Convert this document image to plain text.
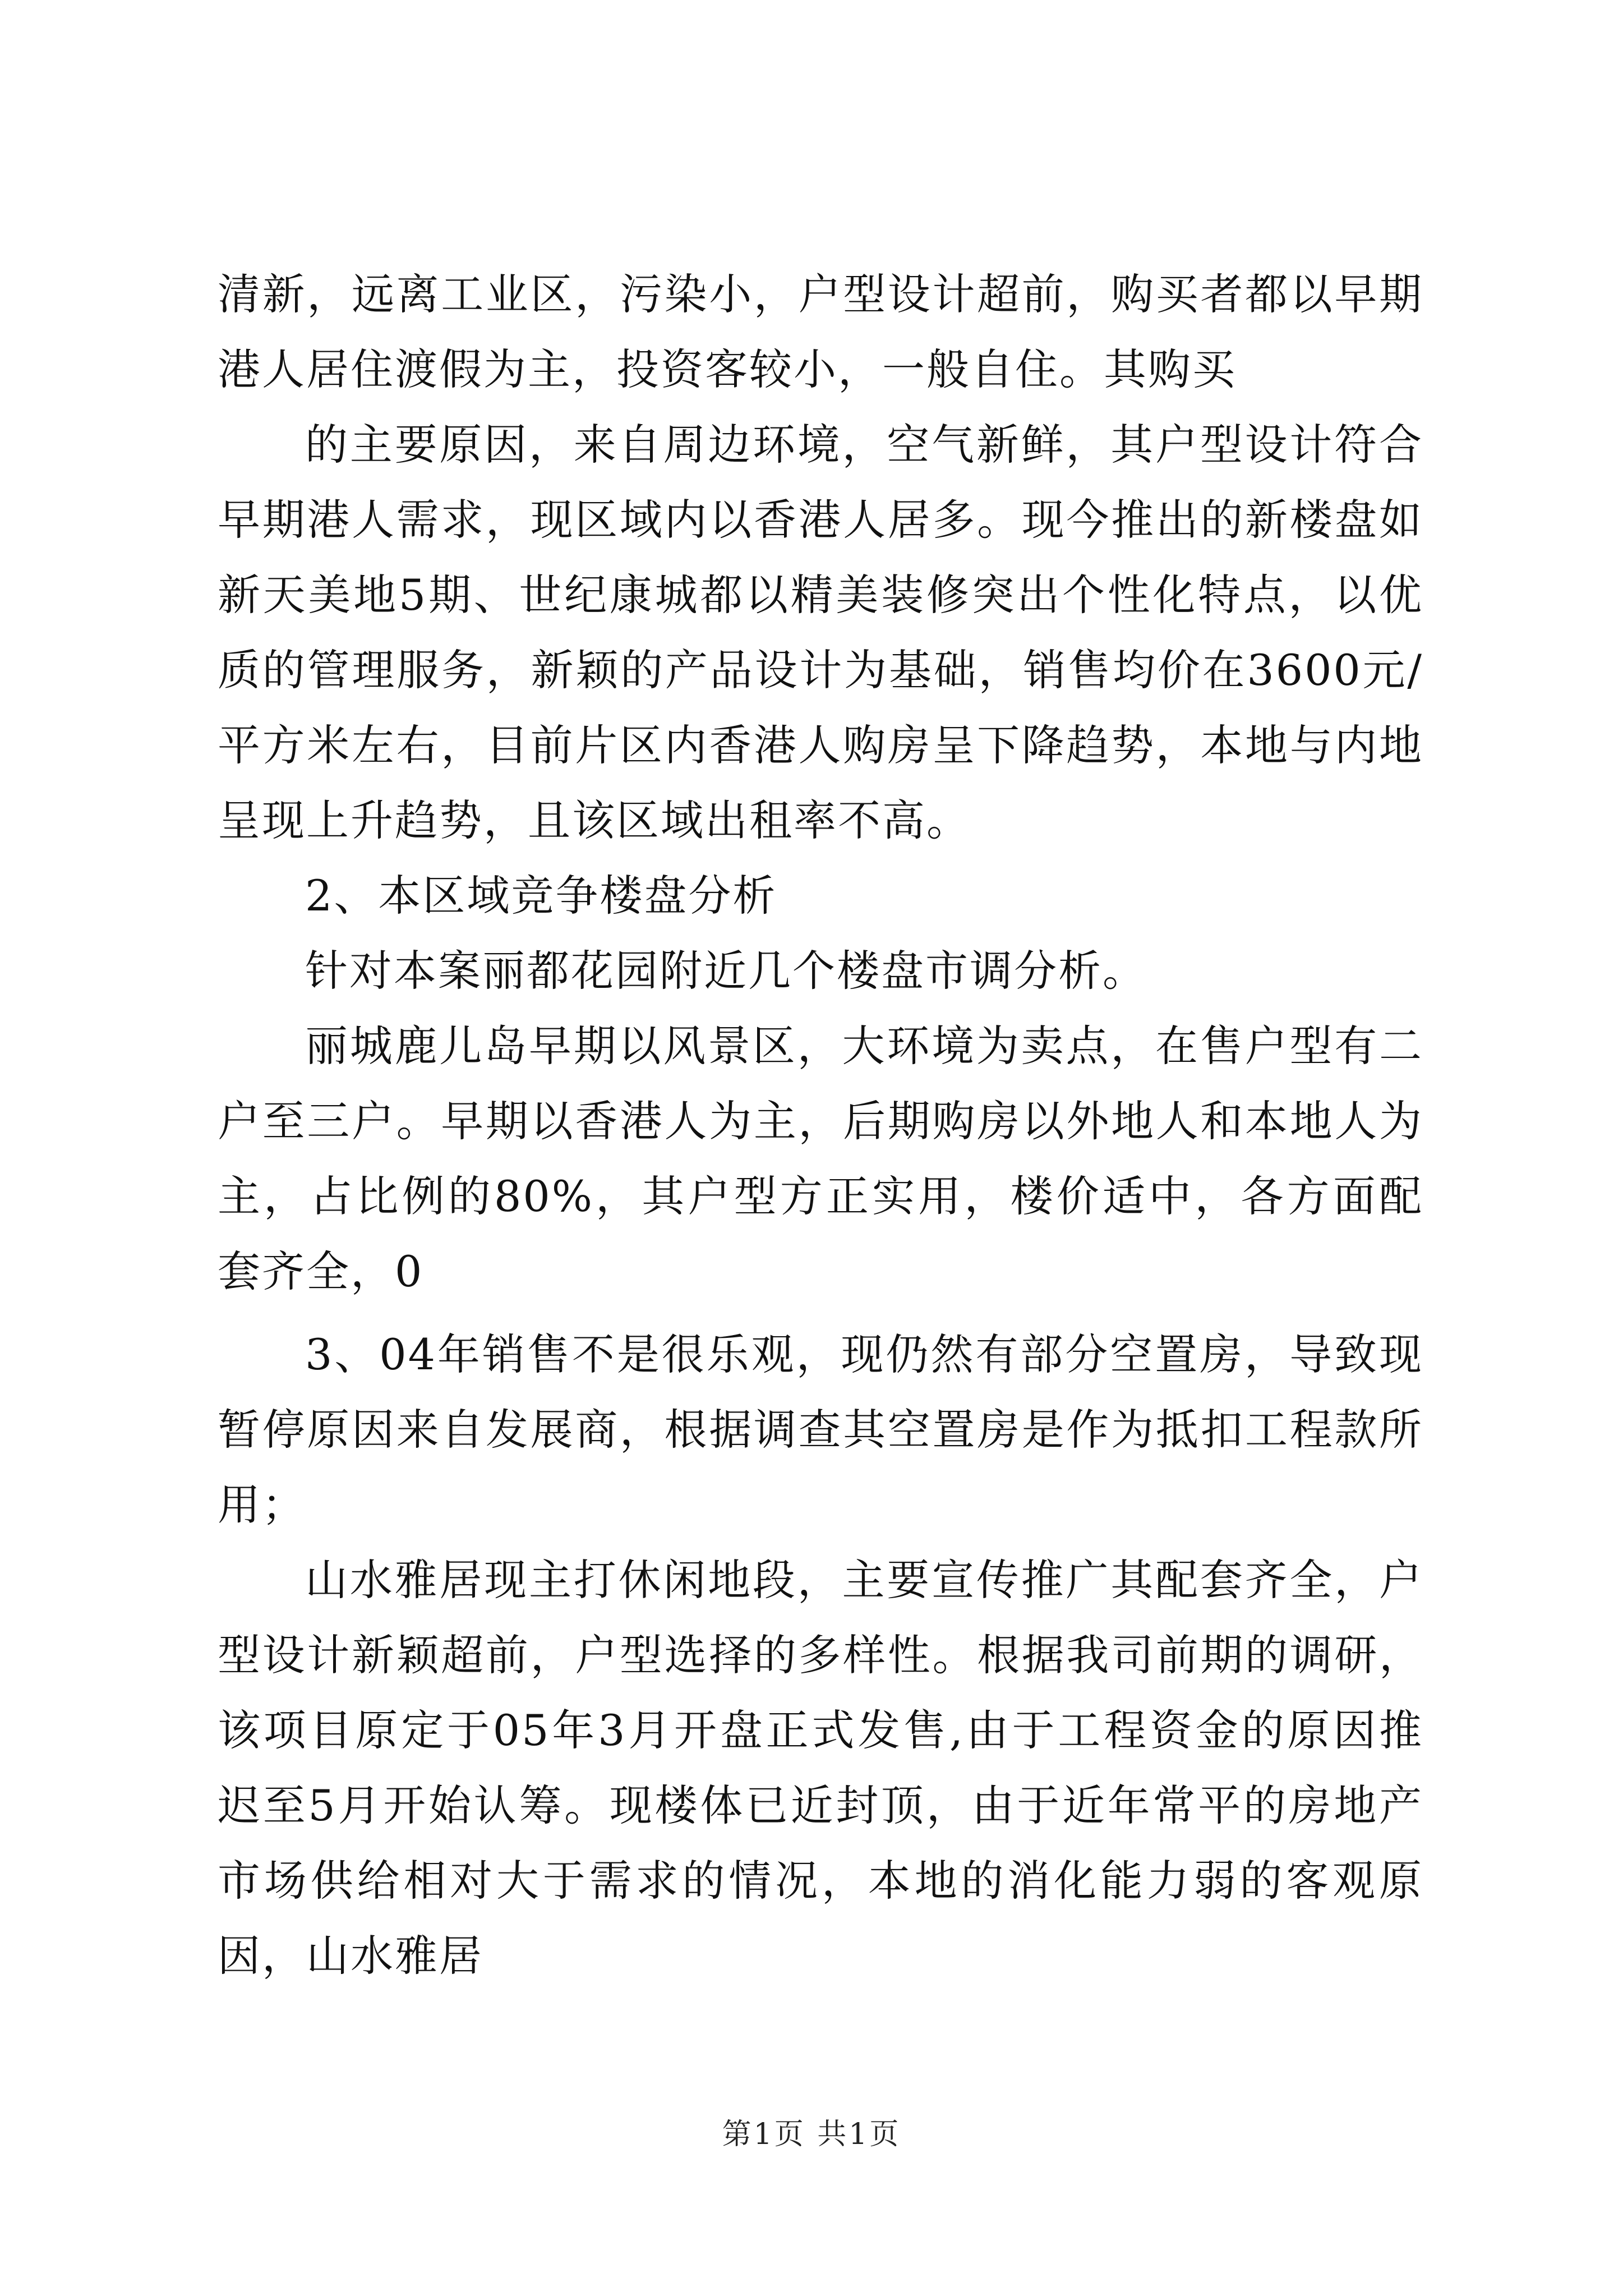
清新，远离工业区，污染小，户型设计超前，购买者都以早期港人居住渡假为主，投资客较小，一般自住。其购买

的主要原因，来自周边环境，空气新鲜，其户型设计符合早期港人需求，现区域内以香港人居多。现今推出的新楼盘如新天美地5期、世纪康城都以精美装修突出个性化特点，以优质的管理服务，新颖的产品设计为基础，销售均价在3600元/平方米左右，目前片区内香港人购房呈下降趋势，本地与内地呈现上升趋势，且该区域出租率不高。

2、本区域竞争楼盘分析

针对本案丽都花园附近几个楼盘市调分析。

丽城鹿儿岛早期以风景区，大环境为卖点，在售户型有二户至三户。早期以香港人为主，后期购房以外地人和本地人为主，占比例的80%，其户型方正实用，楼价适中，各方面配套齐全，0

3、04年销售不是很乐观，现仍然有部分空置房，导致现暂停原因来自发展商，根据调查其空置房是作为抵扣工程款所用；

山水雅居现主打休闲地段，主要宣传推广其配套齐全，户型设计新颖超前，户型选择的多样性。根据我司前期的调研，该项目原定于05年3月开盘正式发售,由于工程资金的原因推迟至5月开始认筹。现楼体已近封顶，由于近年常平的房地产市场供给相对大于需求的情况，本地的消化能力弱的客观原因，山水雅居

第1页 共1页
